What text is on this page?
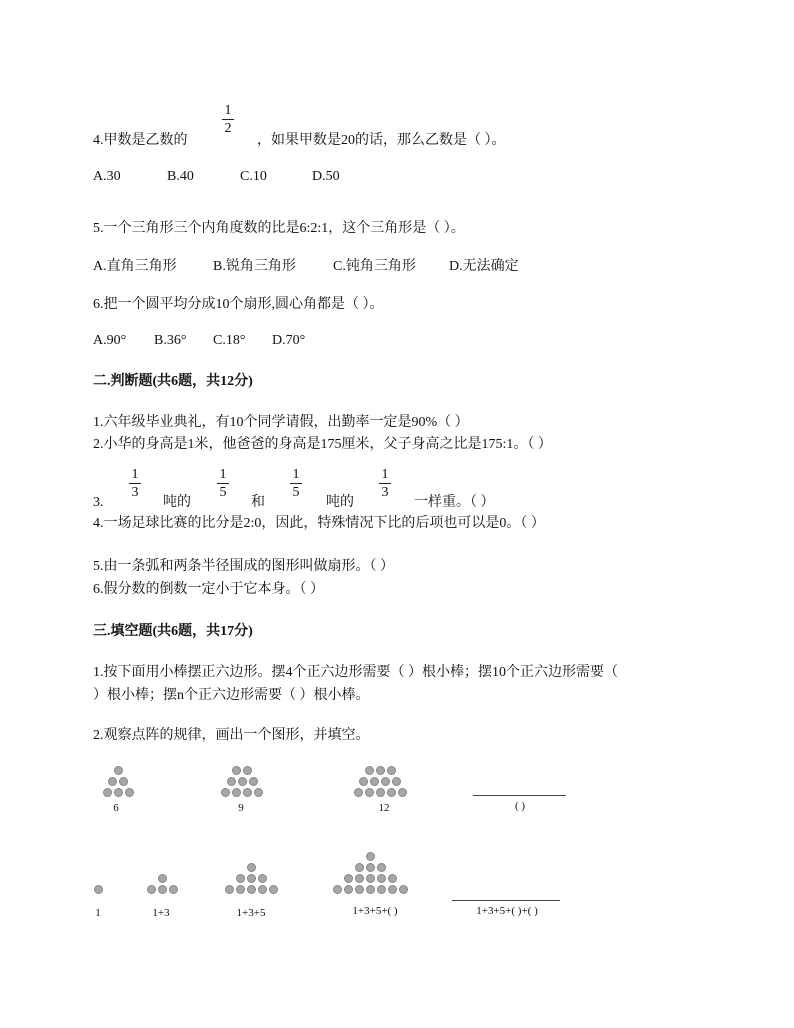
4.甲数是乙数的
1
2
，如果甲数是20的话，那么乙数是（ ）。
A.30	B.40	C.10	D.50
5.一个三角形三个内角度数的比是6:2:1，这个三角形是（ ）。
A.直角三角形	B.锐角三角形	C.钝角三角形 D.无法确定
6.把一个圆平均分成10个扇形,圆心角都是（ ）。
A.90° B.36° C.18° D.70°
二.判断题(共6题，共12分)
1.六年级毕业典礼，有10个同学请假，出勤率一定是90%（ ）
2.小华的身高是1米，他爸爸的身高是175厘米，父子身高之比是175:1。（ ）
3.
1
3
吨的
1
5
和
1
5
吨的
1
3
一样重。（ ）
4.一场足球比赛的比分是2:0，因此，特殊情况下比的后项也可以是0。（ ）
5.由一条弧和两条半径围成的图形叫做扇形。（ ）
6.假分数的倒数一定小于它本身。（ ）
三.填空题(共6题，共17分)
1.按下面用小棒摆正六边形。摆4个正六边形需要（ ）根小棒；摆10个正六边形需要（
）根小棒；摆n个正六边形需要（ ）根小棒。
2.观察点阵的规律，画出一个图形，并填空。
6	9	12	( )
1	1+3	1+3+5	1+3+5+( )	1+3+5+( )+( )
